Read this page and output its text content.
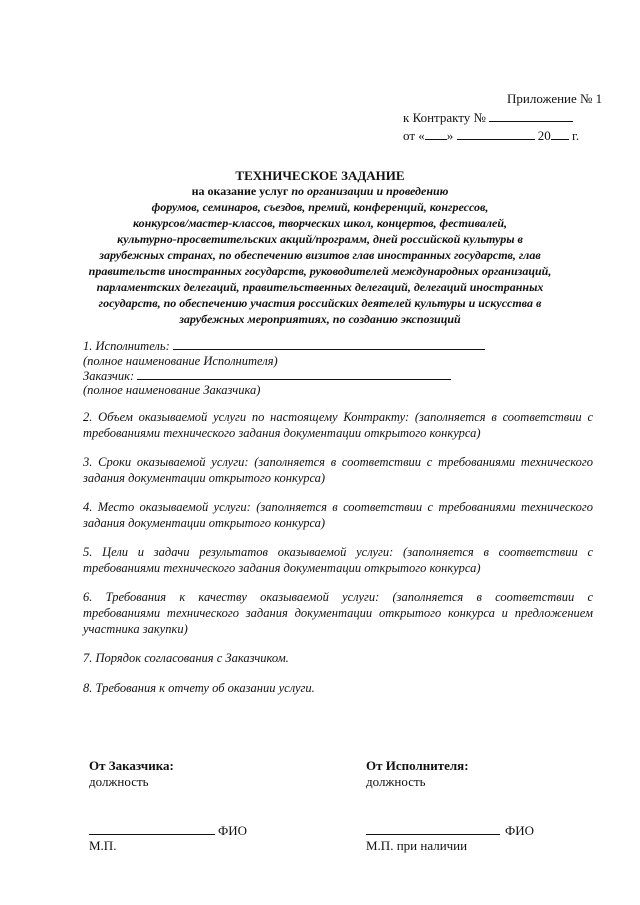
Приложение № 1
к Контракту №
от « »	20 г.
ТЕХНИЧЕСКОЕ ЗАДАНИЕ
на оказание услуг по организации и проведению
форумов, семинаров, съездов, премий, конференций, конгрессов,
конкурсов/мастер-классов, творческих школ, концертов, фестивалей,
культурно-просветительских акций/программ, дней российской культуры в
зарубежных странах, по обеспечению визитов глав иностранных государств, глав
правительств иностранных государств, руководителей международных организаций,
парламентских делегаций, правительственных делегаций, делегаций иностранных
государств, по обеспечению участия российских деятелей культуры и искусства в
зарубежных мероприятиях, по созданию экспозиций
1. Исполнитель:
(полное наименование Исполнителя)
Заказчик:
(полное наименование Заказчика)
2. Объем оказываемой услуги по настоящему Контракту: (заполняется в соответствии с
требованиями технического задания документации открытого конкурса)
3. Сроки оказываемой услуги: (заполняется в соответствии с требованиями технического
задания документации открытого конкурса)
4. Место оказываемой услуги: (заполняется в соответствии с требованиями технического
задания документации открытого конкурса)
5. Цели и задачи результатов оказываемой услуги: (заполняется в соответствии с
требованиями технического задания документации открытого конкурса)
6. Требования к качеству оказываемой услуги: (заполняется в соответствии с
требованиями технического задания документации открытого конкурса и предложением
участника закупки)
7. Порядок согласования с Заказчиком.
8. Требования к отчету об оказании услуги.
От Заказчика:
должность
ФИО
М.П.
От Исполнителя:
должность
ФИО
М.П. при наличии
